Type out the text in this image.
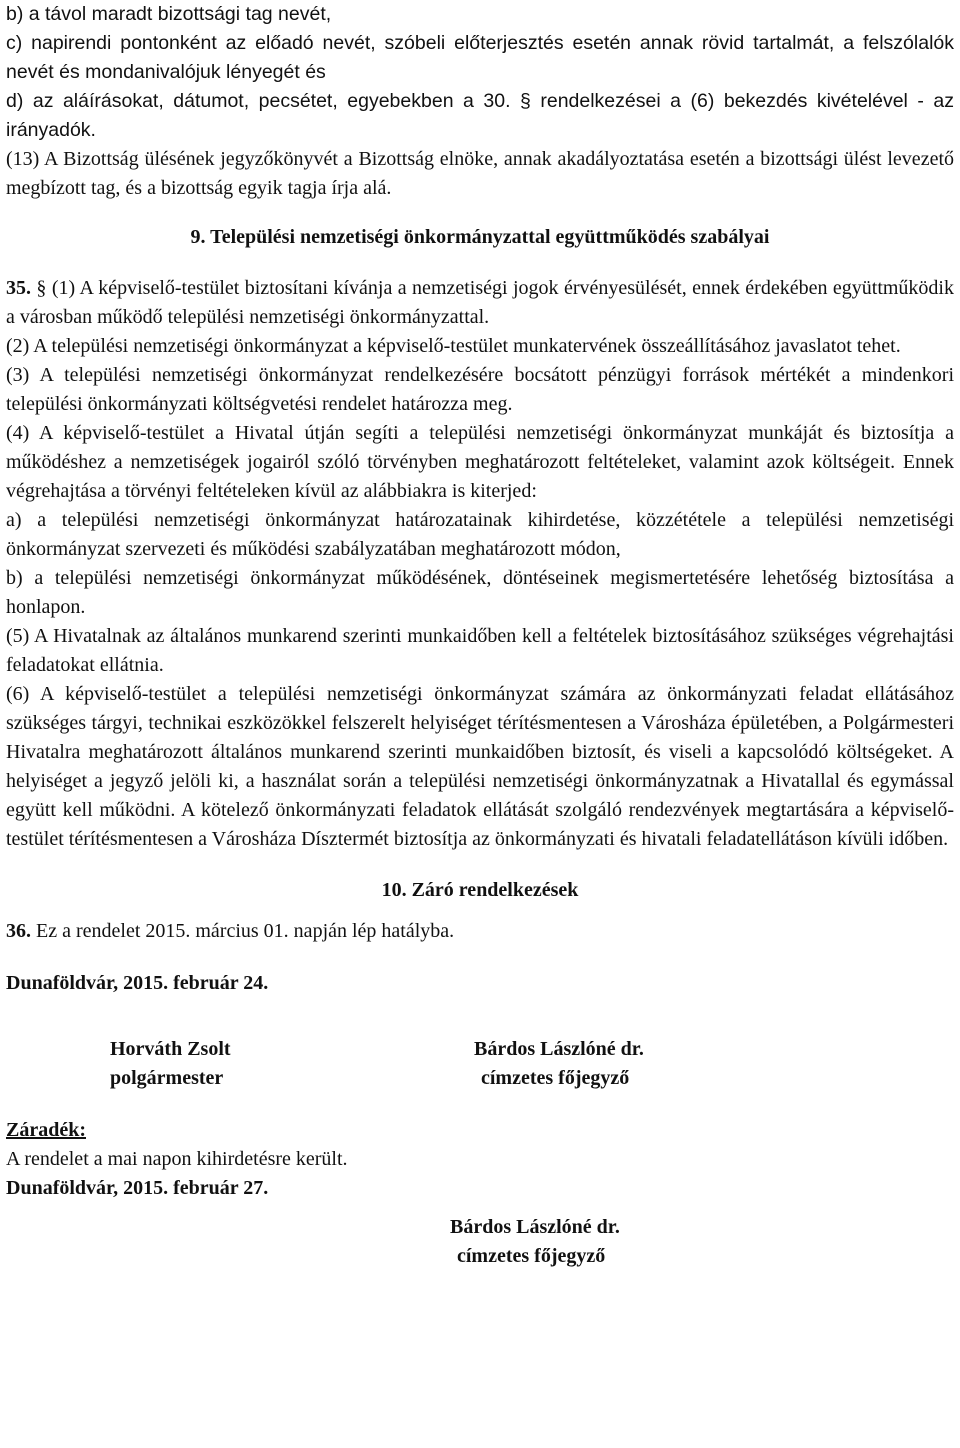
b) a távol maradt bizottsági tag nevét,

c) napirendi pontonként az előadó nevét, szóbeli előterjesztés esetén annak rövid tartalmát, a felszólalók nevét és mondanivalójuk lényegét és

d) az aláírásokat, dátumot, pecsétet, egyebekben a 30. § rendelkezései a (6) bekezdés kivételével - az irányadók.

(13) A Bizottság ülésének jegyzőkönyvét a Bizottság elnöke, annak akadályoztatása esetén a bizottsági ülést levezető megbízott tag, és a bizottság egyik tagja írja alá.

9. Települési nemzetiségi önkormányzattal együttműködés szabályai

35. § (1) A képviselő-testület biztosítani kívánja a nemzetiségi jogok érvényesülését, ennek érdekében együttműködik a városban működő települési nemzetiségi önkormányzattal.

(2) A települési nemzetiségi önkormányzat a képviselő-testület munkatervének összeállításához javaslatot tehet.

(3) A települési nemzetiségi önkormányzat rendelkezésére bocsátott pénzügyi források mértékét a mindenkori települési önkormányzati költségvetési rendelet határozza meg.

(4) A képviselő-testület a Hivatal útján segíti a települési nemzetiségi önkormányzat munkáját és biztosítja a működéshez a nemzetiségek jogairól szóló törvényben meghatározott feltételeket, valamint azok költségeit. Ennek végrehajtása a törvényi feltételeken kívül az alábbiakra is kiterjed:

a) a települési nemzetiségi önkormányzat határozatainak kihirdetése, közzététele a települési nemzetiségi önkormányzat szervezeti és működési szabályzatában meghatározott módon,

b) a települési nemzetiségi önkormányzat működésének, döntéseinek megismertetésére lehetőség biztosítása a honlapon.

(5) A Hivatalnak az általános munkarend szerinti munkaidőben kell a feltételek biztosításához szükséges végrehajtási feladatokat ellátnia.

(6) A képviselő-testület a települési nemzetiségi önkormányzat számára az önkormányzati feladat ellátásához szükséges tárgyi, technikai eszközökkel felszerelt helyiséget térítésmentesen a Városháza épületében, a Polgármesteri Hivatalra meghatározott általános munkarend szerinti munkaidőben biztosít, és viseli a kapcsolódó költségeket. A helyiséget a jegyző jelöli ki, a használat során a települési nemzetiségi önkormányzatnak a Hivatallal és egymással együtt kell működni. A kötelező önkormányzati feladatok ellátását szolgáló rendezvények megtartására a képviselő-testület térítésmentesen a Városháza Dísztermét biztosítja az önkormányzati és hivatali feladatellátáson kívüli időben.

10. Záró rendelkezések

36. Ez a rendelet 2015. március 01. napján lép hatályba.

Dunaföldvár, 2015. február 24.

Horváth Zsolt
polgármester
Bárdos Lászlóné dr.
címzetes főjegyző

Záradék:

A rendelet a mai napon kihirdetésre került.

Dunaföldvár, 2015. február 27.

Bárdos Lászlóné dr.
címzetes főjegyző
